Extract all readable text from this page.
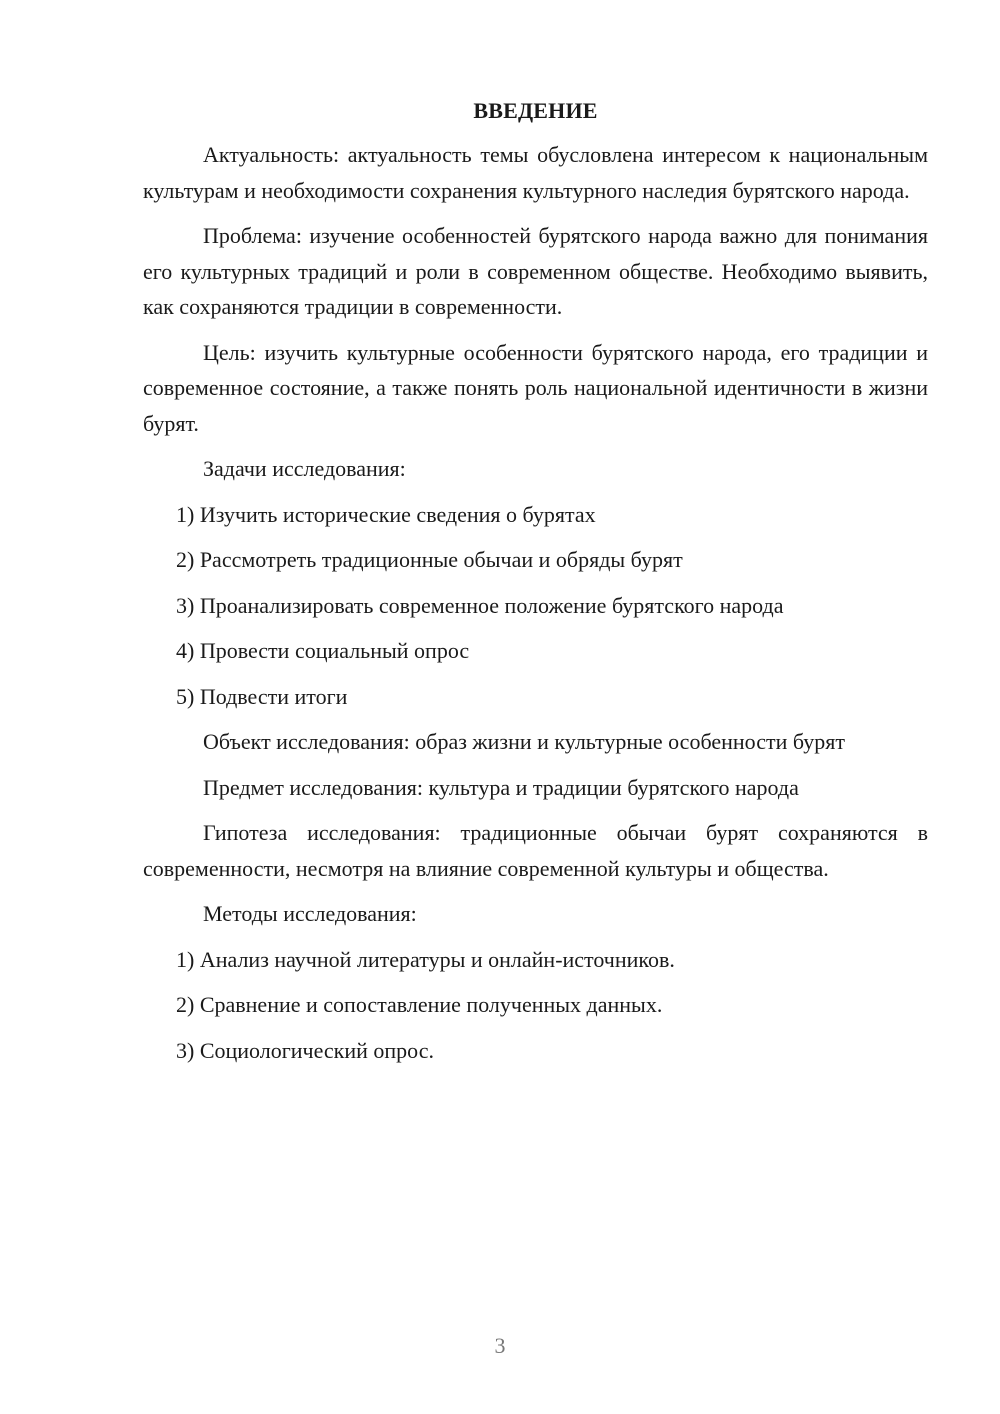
ВВЕДЕНИЕ

Актуальность: актуальность темы обусловлена интересом к национальным культурам и необходимости сохранения культурного наследия бурятского народа.

Проблема: изучение особенностей бурятского народа важно для понимания его культурных традиций и роли в современном обществе. Необходимо выявить, как сохраняются традиции в современности.

Цель: изучить культурные особенности бурятского народа, его традиции и современное состояние, а также понять роль национальной идентичности в жизни бурят.

Задачи исследования:

1) Изучить исторические сведения о бурятах
2) Рассмотреть традиционные обычаи и обряды бурят
3) Проанализировать современное положение бурятского народа
4) Провести социальный опрос
5) Подвести итоги

Объект исследования: образ жизни и культурные особенности бурят

Предмет исследования: культура и традиции бурятского народа

Гипотеза исследования: традиционные обычаи бурят сохраняются в современности, несмотря на влияние современной культуры и общества.

Методы исследования:

1) Анализ научной литературы и онлайн-источников.
2) Сравнение и сопоставление полученных данных.
3) Социологический опрос.
3
